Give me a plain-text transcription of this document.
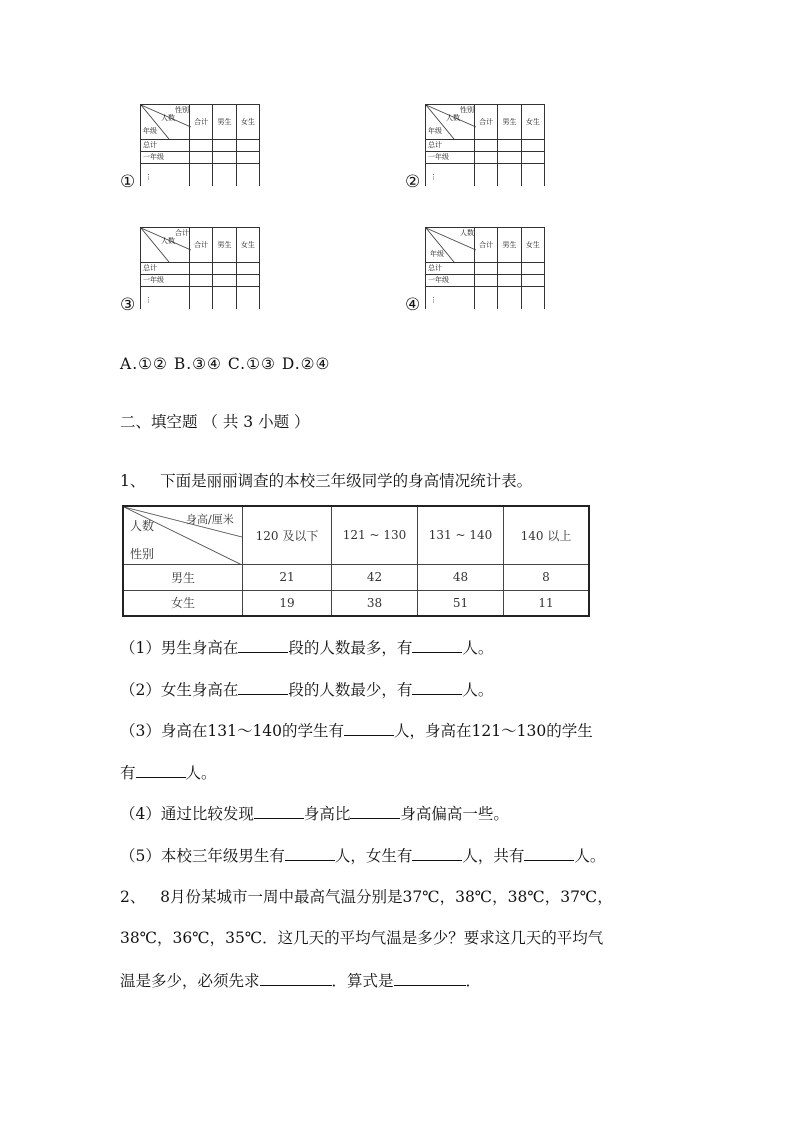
性别
人数
年级	合计	男生	女生
总计			
一年级			
⋮			
①
性别
人数
年级	合计	男生	女生
总计			
一年级			
⋮			
②
合计
人数	合计	男生	女生
总计			
一年级			
⋮			
③
人数
年级	合计	男生	女生
总计			
一年级			
⋮			
④
A.①② B.③④ C.①③ D.②④
二、填空题 （ 共 3 小题 ）
1、 下面是丽丽调查的本校三年级同学的身高情况统计表。
身高/厘米
人数
性别	120 及以下	121 ~ 130	131 ~ 140	140 以上
男生	21	42	48	8
女生	19	38	51	11
（1）男生身高在	段的人数最多，有	人。
（2）女生身高在	段的人数最少，有	人。
（3）身高在131～140的学生有	人，身高在121～130的学生
有	人。
（4）通过比较发现	身高比	身高偏高一些。
（5）本校三年级男生有	人，女生有	人，共有	人。
2、 8月份某城市一周中最高气温分别是37℃，38℃，38℃，37℃，
38℃，36℃，35℃．这几天的平均气温是多少？要求这几天的平均气
温是多少，必须先求	．算式是	．
